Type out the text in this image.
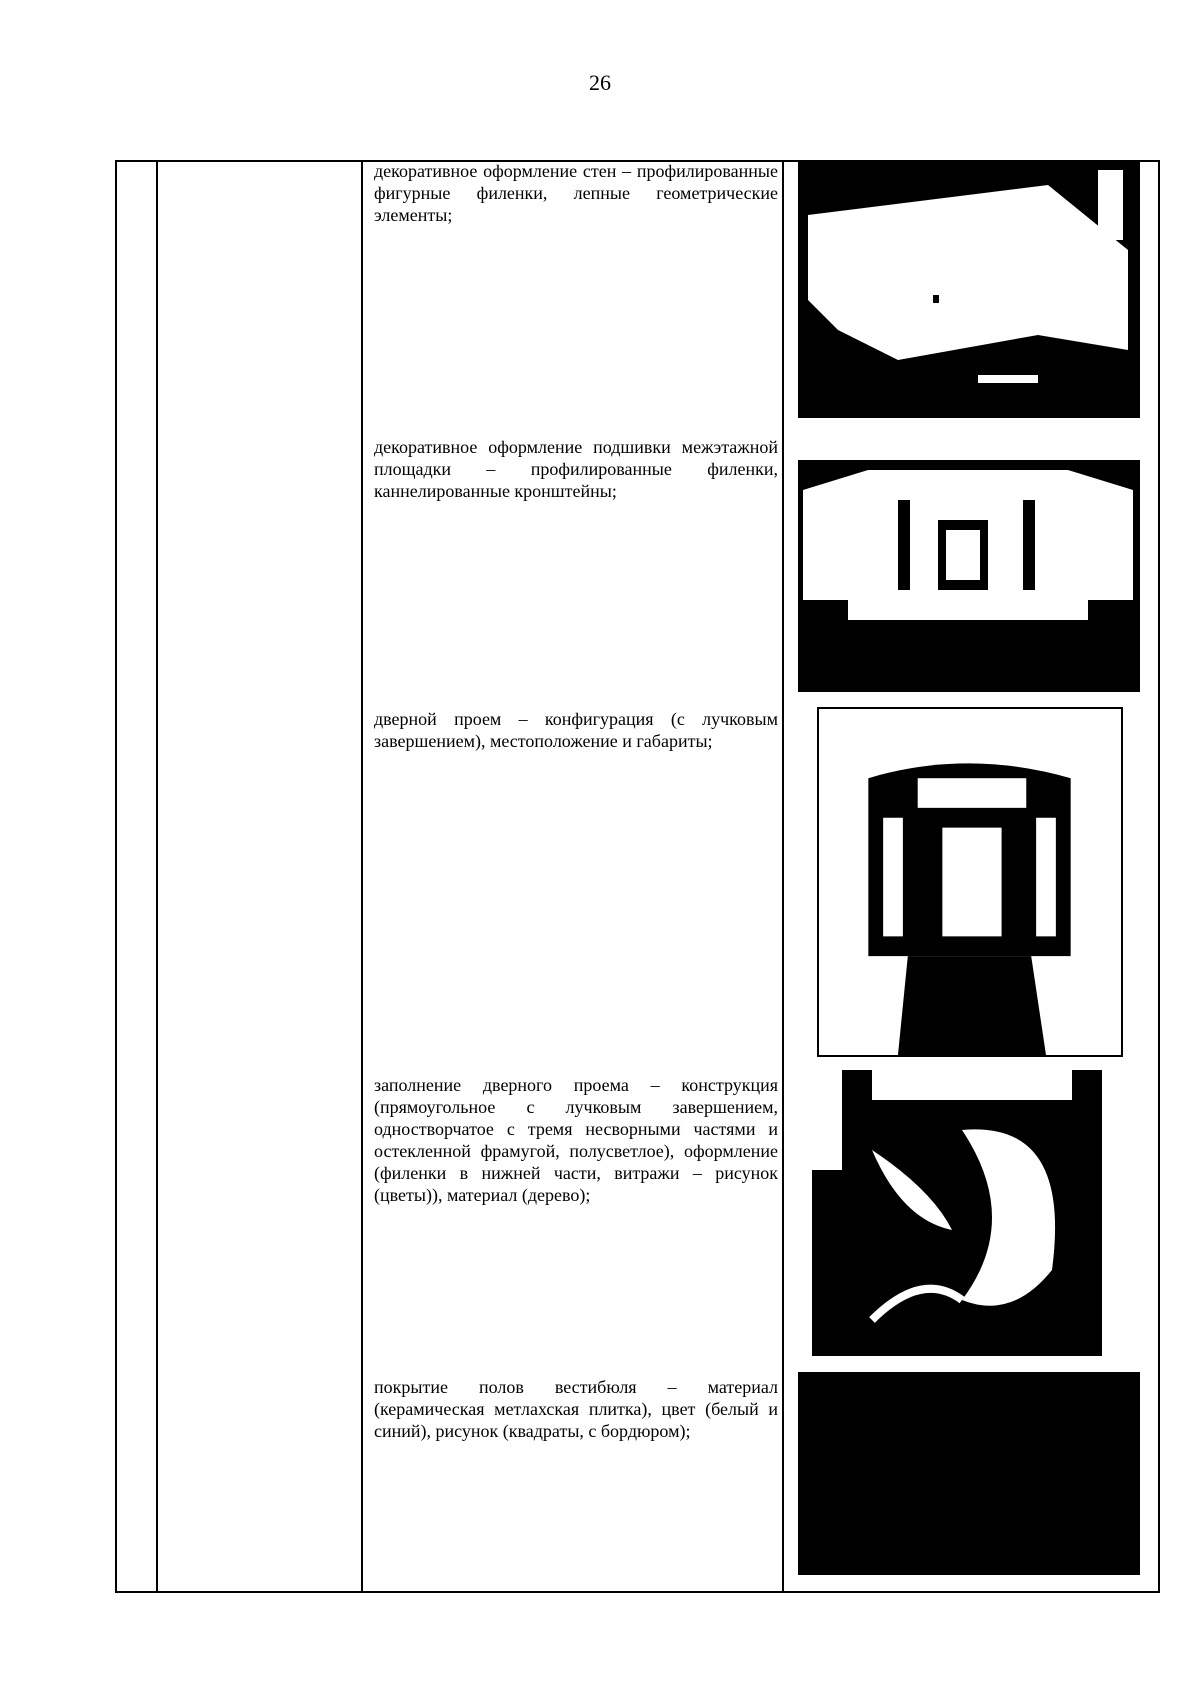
26
декоративное оформление стен – профилированные фигурные филенки, лепные геометрические элементы;
декоративное оформление подшивки межэтажной площадки – профилированные филенки, каннелированные кронштейны;
дверной проем – конфигурация (с лучковым завершением), местоположение и габариты;
заполнение дверного проема – конструкция (прямоугольное с лучковым завершением, одностворчатое с тремя несворными частями и остекленной фрамугой, полусветлое), оформление (филенки в нижней части, витражи – рисунок (цветы)), материал (дерево);
покрытие полов вестибюля – материал (керамическая метлахская плитка), цвет (белый и синий), рисунок (квадраты, с бордюром);
